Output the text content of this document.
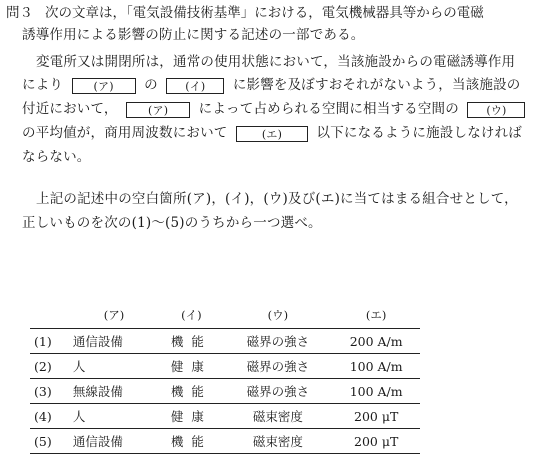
問３ 次の文章は，「電気設備技術基準」における，電気機械器具等からの電磁
誘導作用による影響の防止に関する記述の一部である。
変電所又は開閉所は，通常の使用状態において，当該施設からの電磁誘導作用
により	(ア) の (イ) に影響を及ぼすおそれがないよう，当該施設の
付近において，	(ア) によって占められる空間に相当する空間の (ウ)
の平均値が，商用周波数において	(エ)	以下になるように施設しなければ
ならない。
上記の記述中の空白箇所(ア)，(イ)，(ウ)及び(エ)に当てはまる組合せとして，
正しいものを次の(1)～(5)のうちから一つ選べ。
	(ア)	(イ)	(ウ)	(エ)
(1)	通信設備	機能	磁界の強さ	200 A/m
(2)	人	健康	磁界の強さ	100 A/m
(3)	無線設備	機能	磁界の強さ	100 A/m
(4)	人	健康	磁束密度	200 μT
(5)	通信設備	機能	磁束密度	200 μT
